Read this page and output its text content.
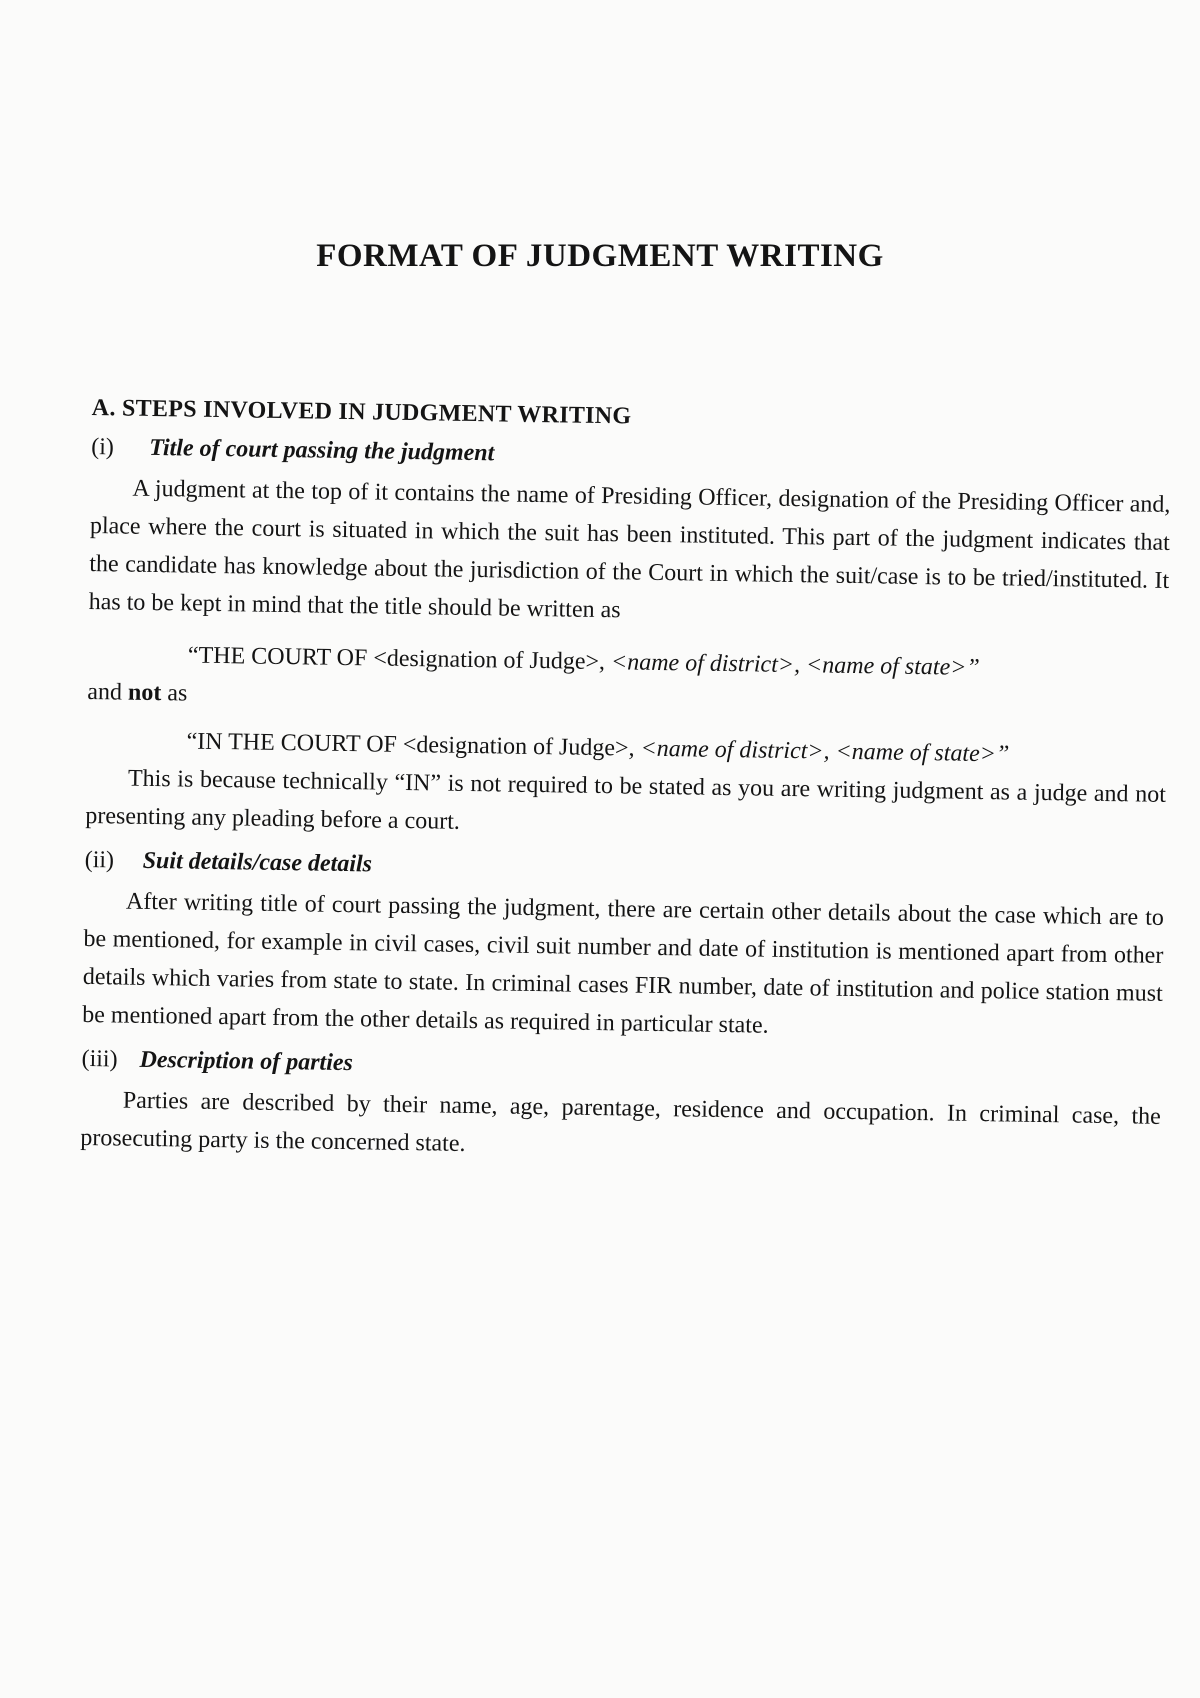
FORMAT OF JUDGMENT WRITING
A. STEPS INVOLVED IN JUDGMENT WRITING
(i) Title of court passing the judgment

A judgment at the top of it contains the name of Presiding Officer, designation of the Presiding Officer and, place where the court is situated in which the suit has been instituted. This part of the judgment indicates that the candidate has knowledge about the jurisdiction of the Court in which the suit/case is to be tried/instituted. It has to be kept in mind that the title should be written as

“THE COURT OF <designation of Judge>, <name of district>, <name of state>”

and not as

“IN THE COURT OF <designation of Judge>, <name of district>, <name of state>”

This is because technically “IN” is not required to be stated as you are writing judgment as a judge and not presenting any pleading before a court.

(ii) Suit details/case details

After writing title of court passing the judgment, there are certain other details about the case which are to be mentioned, for example in civil cases, civil suit number and date of institution is mentioned apart from other details which varies from state to state. In criminal cases FIR number, date of institution and police station must be mentioned apart from the other details as required in particular state.

(iii) Description of parties

Parties are described by their name, age, parentage, residence and occupation. In criminal case, the prosecuting party is the concerned state.
